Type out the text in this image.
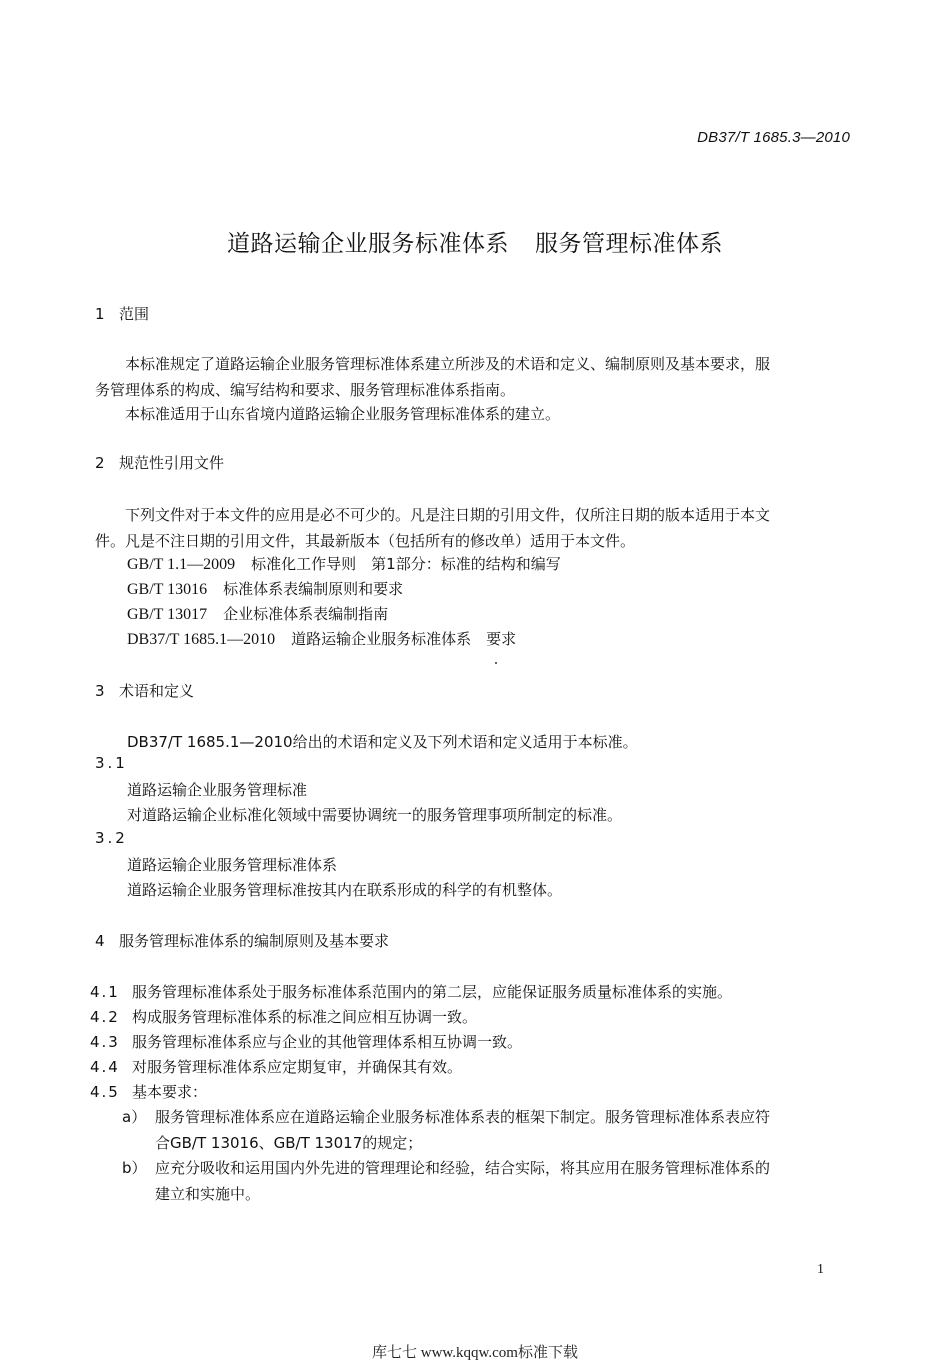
DB37/T 1685.3—2010
道路运输企业服务标准体系 服务管理标准体系
1 范围
本标准规定了道路运输企业服务管理标准体系建立所涉及的术语和定义、编制原则及基本要求，服
务管理体系的构成、编写结构和要求、服务管理标准体系指南。
本标准适用于山东省境内道路运输企业服务管理标准体系的建立。
2 规范性引用文件
下列文件对于本文件的应用是必不可少的。凡是注日期的引用文件，仅所注日期的版本适用于本文
件。凡是不注日期的引用文件，其最新版本（包括所有的修改单）适用于本文件。
GB/T 1.1—2009 标准化工作导则　第1部分：标准的结构和编写
GB/T 13016 标准体系表编制原则和要求
GB/T 13017 企业标准体系表编制指南
DB37/T 1685.1—2010 道路运输企业服务标准体系　要求
3 术语和定义
DB37/T 1685.1—2010给出的术语和定义及下列术语和定义适用于本标准。
3.1
道路运输企业服务管理标准
对道路运输企业标准化领域中需要协调统一的服务管理事项所制定的标准。
3.2
道路运输企业服务管理标准体系
道路运输企业服务管理标准按其内在联系形成的科学的有机整体。
4 服务管理标准体系的编制原则及基本要求
4.1 服务管理标准体系处于服务标准体系范围内的第二层，应能保证服务质量标准体系的实施。
4.2 构成服务管理标准体系的标准之间应相互协调一致。
4.3 服务管理标准体系应与企业的其他管理体系相互协调一致。
4.4 对服务管理标准体系应定期复审，并确保其有效。
4.5 基本要求：
a） 服务管理标准体系应在道路运输企业服务标准体系表的框架下制定。服务管理标准体系表应符
合GB/T 13016、GB/T 13017的规定；
b） 应充分吸收和运用国内外先进的管理理论和经验，结合实际，将其应用在服务管理标准体系的
建立和实施中。
1
库七七 www.kqqw.com标准下载
